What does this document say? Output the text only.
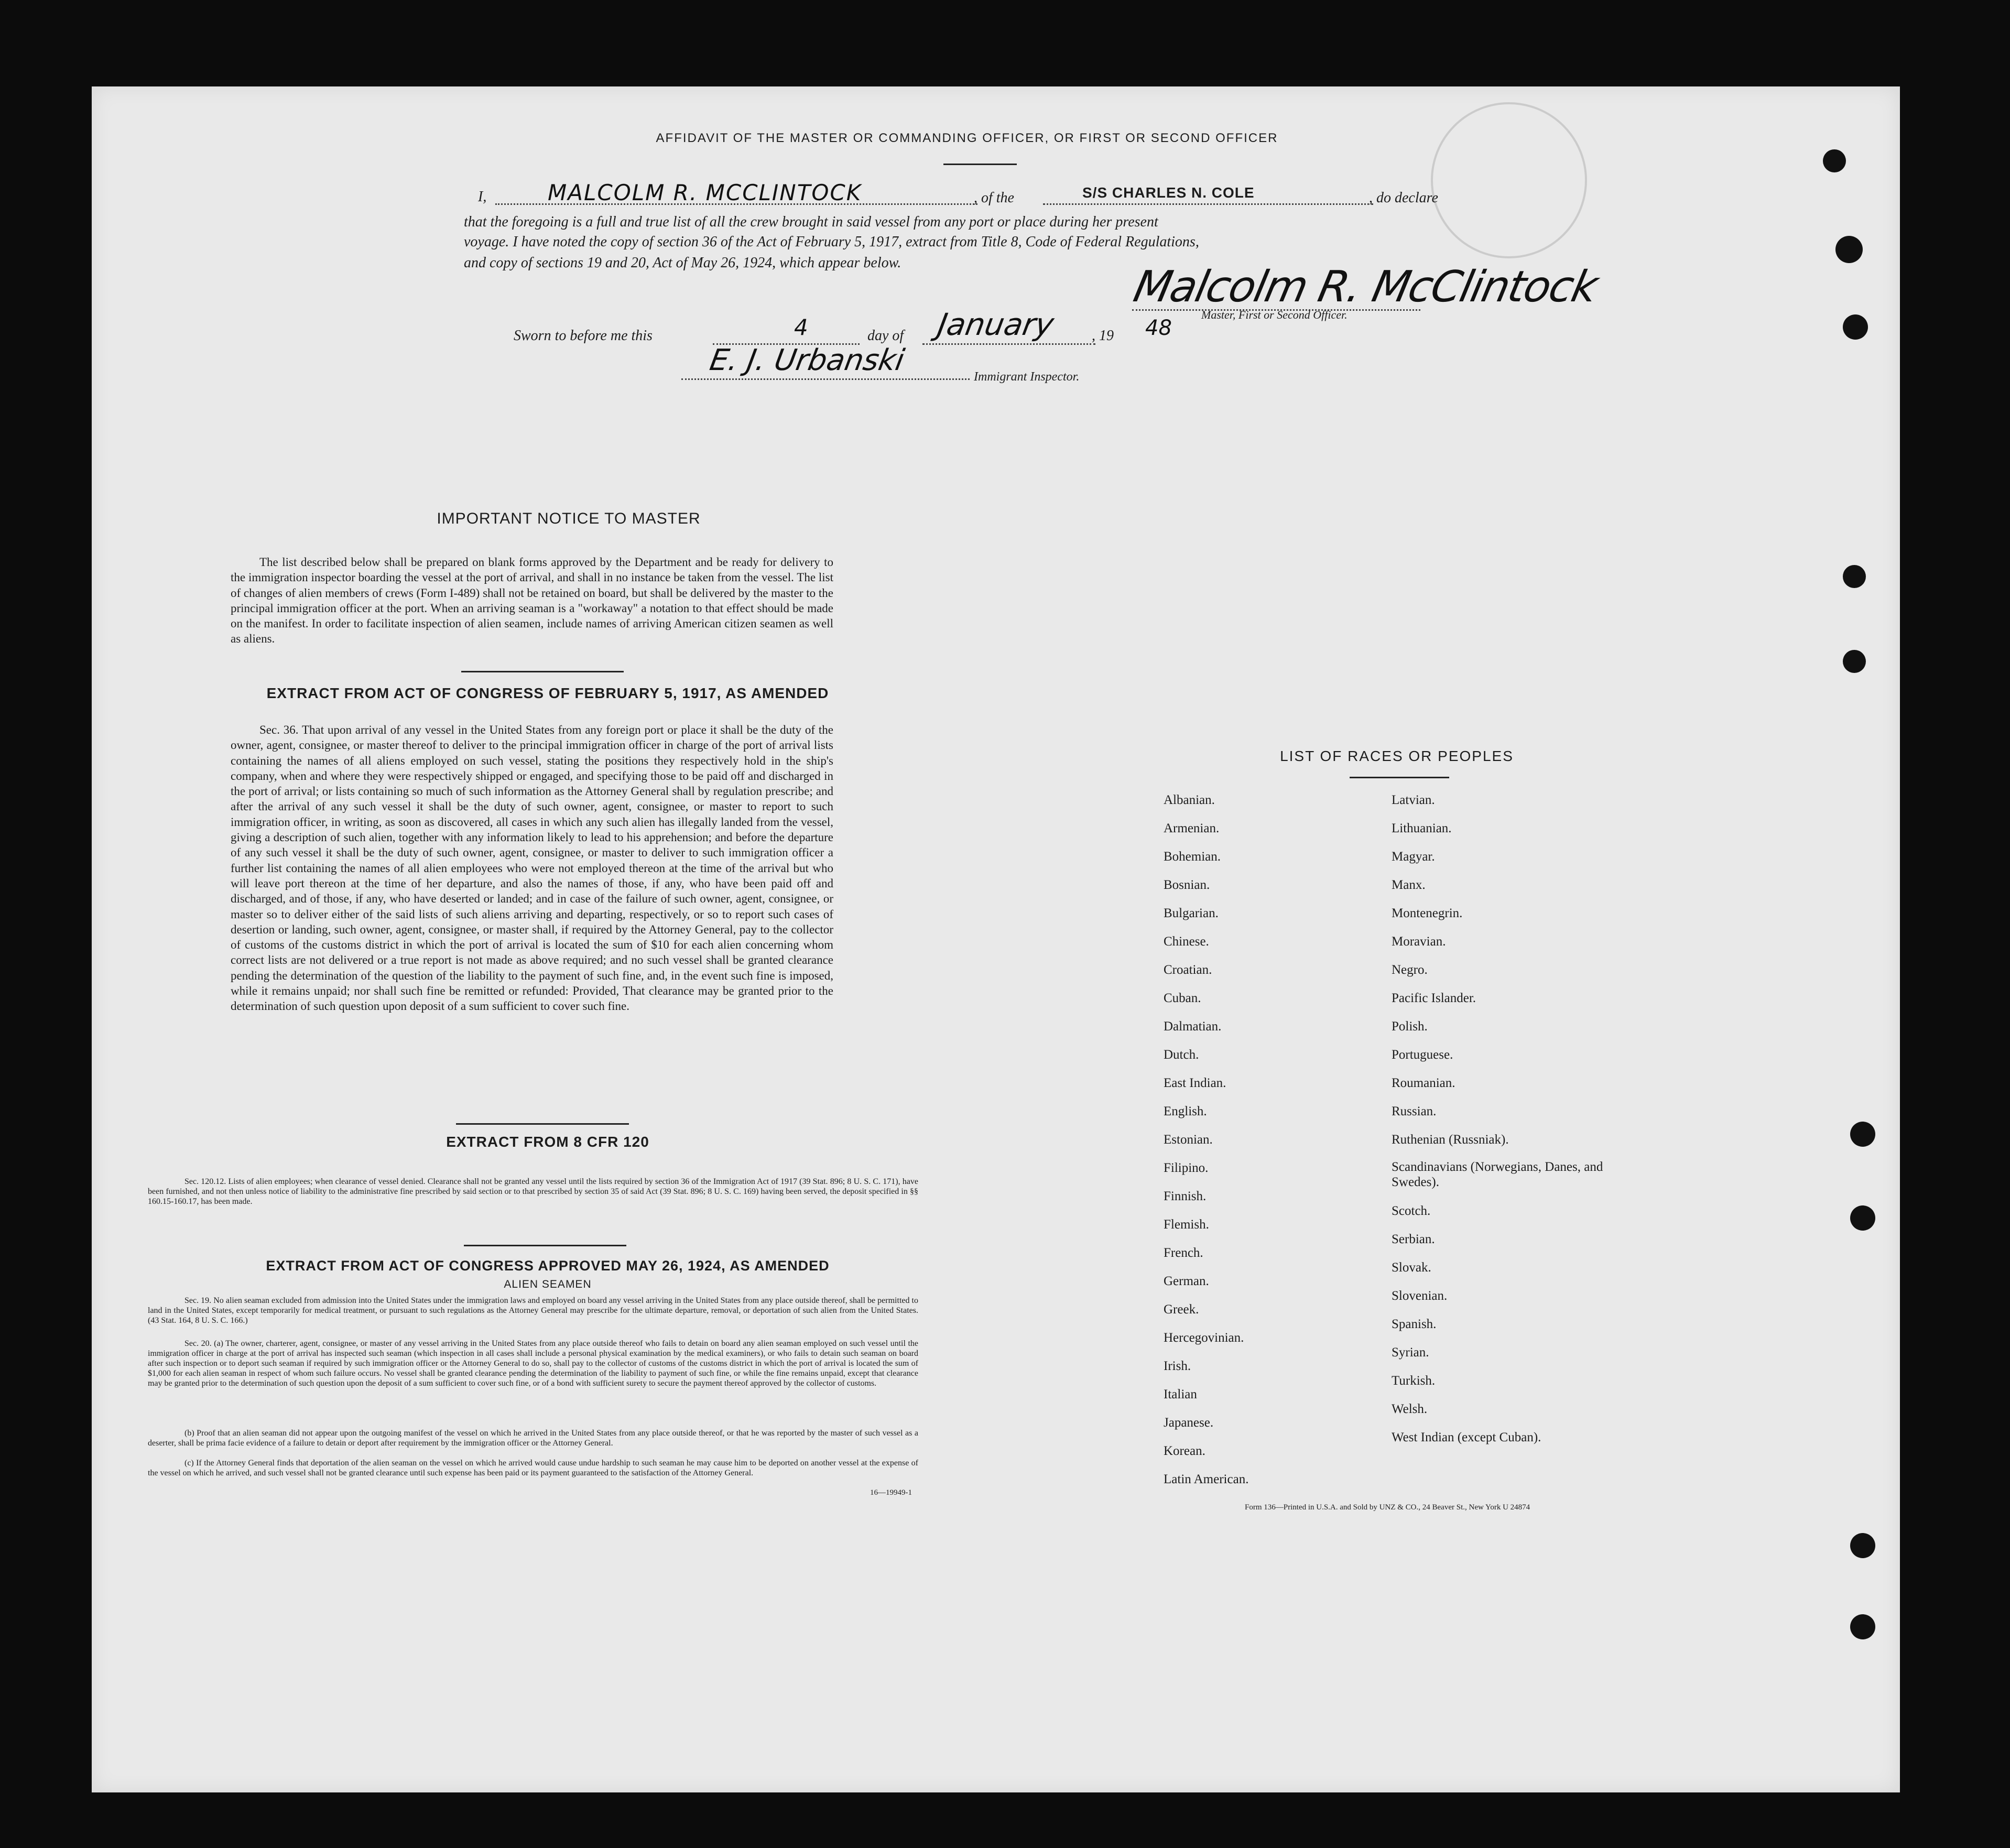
AFFIDAVIT OF THE MASTER OR COMMANDING OFFICER, OR FIRST OR SECOND OFFICER
I,	MALCOLM R. MCCLINTOCK	, of the	S/S CHARLES N. COLE	, do declare
that the foregoing is a full and true list of all the crew brought in said vessel from any port or place during her present
voyage. I have noted the copy of section 36 of the Act of February 5, 1917, extract from Title 8, Code of Federal Regulations,
and copy of sections 19 and 20, Act of May 26, 1924, which appear below.	Malcolm R. McClintock
Master, First or Second Officer.
Sworn to before me this	4	day of January , 19 48
E. J. Urbanski	Immigrant Inspector.
IMPORTANT NOTICE TO MASTER
The list described below shall be prepared on blank forms approved by the Department and be ready for delivery to the immigration inspector boarding the vessel at the port of arrival, and shall in no instance be taken from the vessel. The list of changes of alien members of crews (Form I-489) shall not be retained on board, but shall be delivered by the master to the principal immigration officer at the port. When an arriving seaman is a "workaway" a notation to that effect should be made on the manifest. In order to facilitate inspection of alien seamen, include names of arriving American citizen seamen as well as aliens.
EXTRACT FROM ACT OF CONGRESS OF FEBRUARY 5, 1917, AS AMENDED
Sec. 36. That upon arrival of any vessel in the United States from any foreign port or place it shall be the duty of the owner, agent, consignee, or master thereof to deliver to the principal immigration officer in charge of the port of arrival lists containing the names of all aliens employed on such vessel, stating the positions they respectively hold in the ship's company, when and where they were respectively shipped or engaged, and specifying those to be paid off and discharged in the port of arrival; or lists containing so much of such information as the Attorney General shall by regulation prescribe; and after the arrival of any such vessel it shall be the duty of such owner, agent, consignee, or master to report to such immigration officer, in writing, as soon as discovered, all cases in which any such alien has illegally landed from the vessel, giving a description of such alien, together with any information likely to lead to his apprehension; and before the departure of any such vessel it shall be the duty of such owner, agent, consignee, or master to deliver to such immigration officer a further list containing the names of all alien employees who were not employed thereon at the time of the arrival but who will leave port thereon at the time of her departure, and also the names of those, if any, who have been paid off and discharged, and of those, if any, who have deserted or landed; and in case of the failure of such owner, agent, consignee, or master so to deliver either of the said lists of such aliens arriving and departing, respectively, or so to report such cases of desertion or landing, such owner, agent, consignee, or master shall, if required by the Attorney General, pay to the collector of customs of the customs district in which the port of arrival is located the sum of $10 for each alien concerning whom correct lists are not delivered or a true report is not made as above required; and no such vessel shall be granted clearance pending the determination of the question of the liability to the payment of such fine, and, in the event such fine is imposed, while it remains unpaid; nor shall such fine be remitted or refunded: Provided, That clearance may be granted prior to the determination of such question upon deposit of a sum sufficient to cover such fine.
EXTRACT FROM 8 CFR 120
Sec. 120.12. Lists of alien employees; when clearance of vessel denied. Clearance shall not be granted any vessel until the lists required by section 36 of the Immigration Act of 1917 (39 Stat. 896; 8 U. S. C. 171), have been furnished, and not then unless notice of liability to the administrative fine prescribed by said section or to that prescribed by section 35 of said Act (39 Stat. 896; 8 U. S. C. 169) having been served, the deposit specified in §§ 160.15-160.17, has been made.
EXTRACT FROM ACT OF CONGRESS APPROVED MAY 26, 1924, AS AMENDED
ALIEN SEAMEN
Sec. 19. No alien seaman excluded from admission into the United States under the immigration laws and employed on board any vessel arriving in the United States from any place outside thereof, shall be permitted to land in the United States, except temporarily for medical treatment, or pursuant to such regulations as the Attorney General may prescribe for the ultimate departure, removal, or deportation of such alien from the United States. (43 Stat. 164, 8 U. S. C. 166.)
Sec. 20. (a) The owner, charterer, agent, consignee, or master of any vessel arriving in the United States from any place outside thereof who fails to detain on board any alien seaman employed on such vessel until the immigration officer in charge at the port of arrival has inspected such seaman (which inspection in all cases shall include a personal physical examination by the medical examiners), or who fails to detain such seaman on board after such inspection or to deport such seaman if required by such immigration officer or the Attorney General to do so, shall pay to the collector of customs of the customs district in which the port of arrival is located the sum of $1,000 for each alien seaman in respect of whom such failure occurs. No vessel shall be granted clearance pending the determination of the liability to payment of such fine, or while the fine remains unpaid, except that clearance may be granted prior to the determination of such question upon the deposit of a sum sufficient to cover such fine, or of a bond with sufficient surety to secure the payment thereof approved by the collector of customs.
(b) Proof that an alien seaman did not appear upon the outgoing manifest of the vessel on which he arrived in the United States from any place outside thereof, or that he was reported by the master of such vessel as a deserter, shall be prima facie evidence of a failure to detain or deport after requirement by the immigration officer or the Attorney General.
(c) If the Attorney General finds that deportation of the alien seaman on the vessel on which he arrived would cause undue hardship to such seaman he may cause him to be deported on another vessel at the expense of the vessel on which he arrived, and such vessel shall not be granted clearance until such expense has been paid or its payment guaranteed to the satisfaction of the Attorney General.
16—19949-1
LIST OF RACES OR PEOPLES
Albanian.
Armenian.
Bohemian.
Bosnian.
Bulgarian.
Chinese.
Croatian.
Cuban.
Dalmatian.
Dutch.
East Indian.
English.
Estonian.
Filipino.
Finnish.
Flemish.
French.
German.
Greek.
Hercegovinian.
Irish.
Italian
Japanese.
Korean.
Latin American.
Latvian.
Lithuanian.
Magyar.
Manx.
Montenegrin.
Moravian.
Negro.
Pacific Islander.
Polish.
Portuguese.
Roumanian.
Russian.
Ruthenian (Russniak).
Scandinavians (Norwegians, Danes, and Swedes).
Scotch.
Serbian.
Slovak.
Slovenian.
Spanish.
Syrian.
Turkish.
Welsh.
West Indian (except Cuban).
Form 136—Printed in U.S.A. and Sold by UNZ & CO., 24 Beaver St., New York U 24874
